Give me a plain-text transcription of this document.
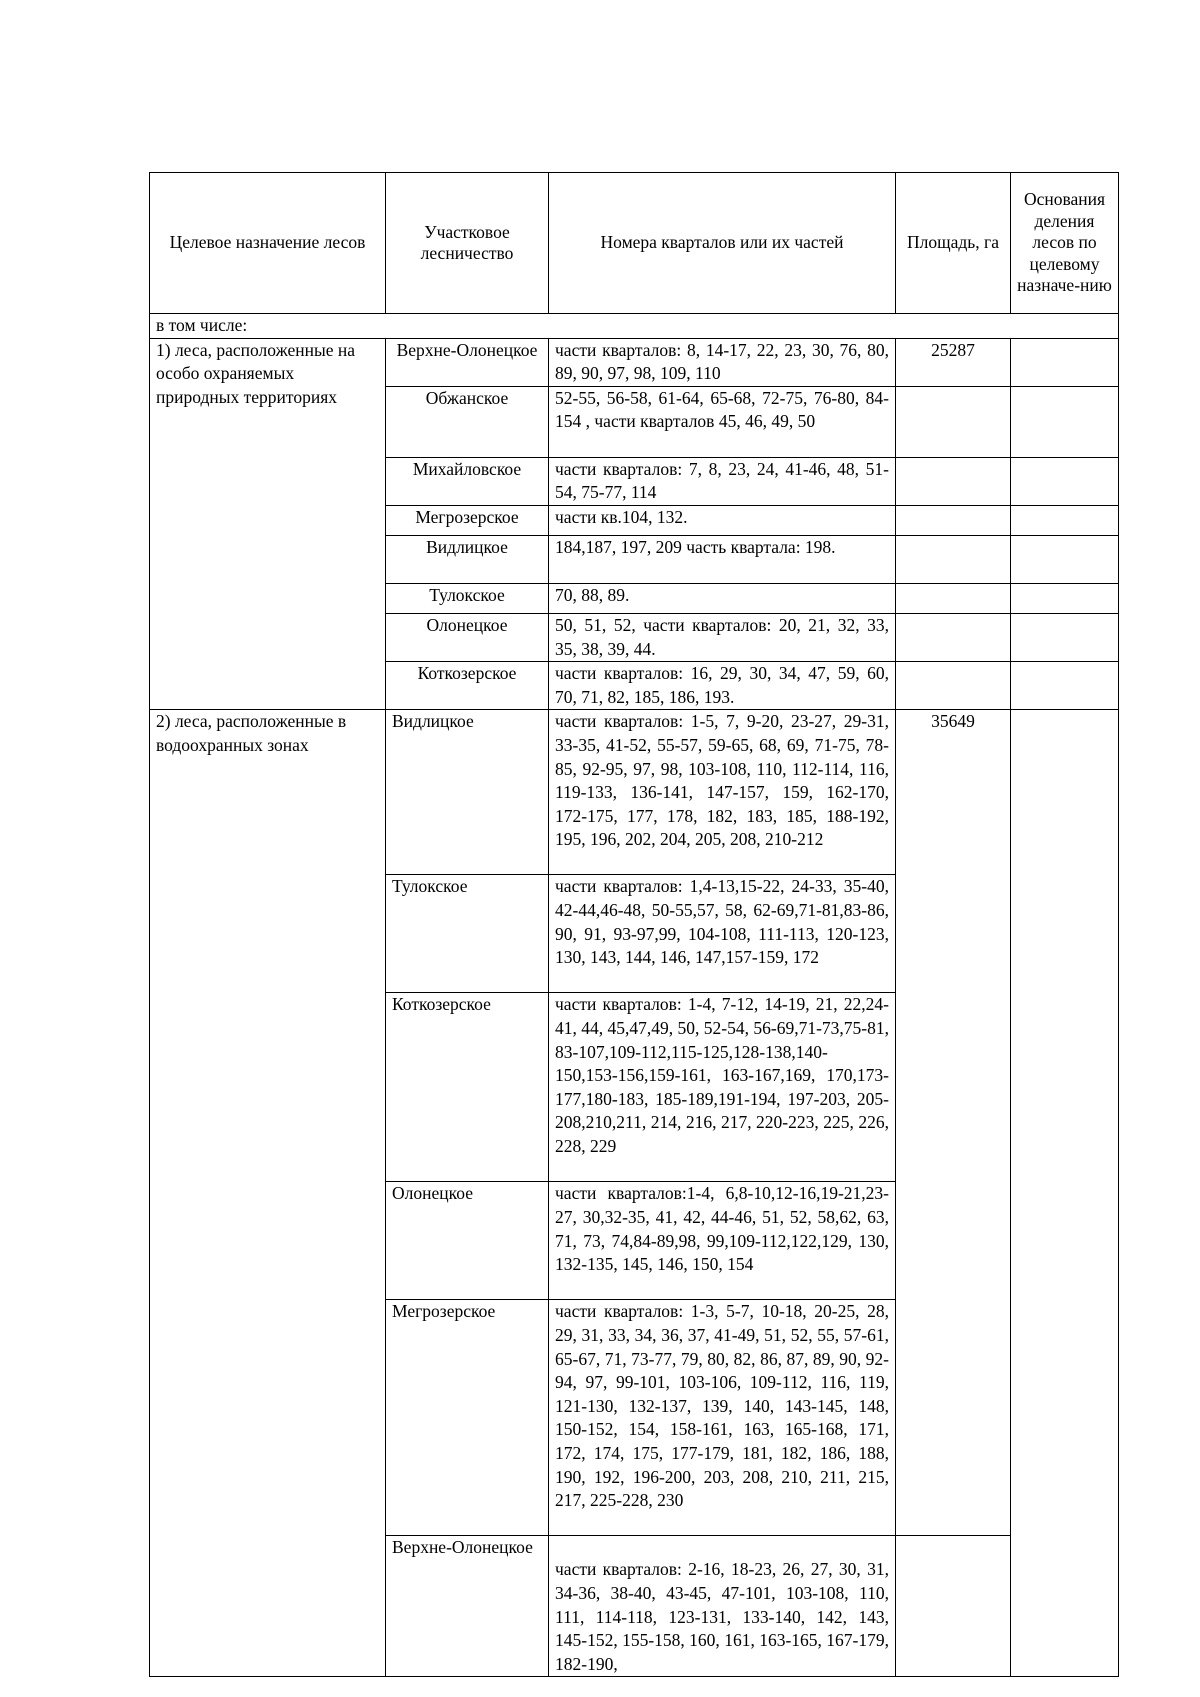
Целевое назначение лесов	Участковое лесничество	Номера кварталов или их частей	Площадь, га	Основания деления лесов по целевому назначе-нию
в том числе:				
1) леса, расположенные на особо охраняемых природных территориях	Верхне-Олонецкое	части кварталов: 8, 14-17, 22, 23, 30, 76, 80, 89, 90, 97, 98, 109, 110	25287	
	Обжанское	52-55, 56-58, 61-64, 65-68, 72-75, 76-80, 84-154 , части кварталов 45, 46, 49, 50		
	Михайловское	части кварталов: 7, 8, 23, 24, 41-46, 48, 51-54, 75-77, 114		
	Мегрозерское	части кв.104, 132.		
	Видлицкое	184,187, 197, 209 часть квартала: 198.		
	Тулокское	70, 88, 89.		
	Олонецкое	50, 51, 52, части кварталов: 20, 21, 32, 33, 35, 38, 39, 44.		
	Коткозерское	части кварталов: 16, 29, 30, 34, 47, 59, 60, 70, 71, 82, 185, 186, 193.		
2) леса, расположенные в водоохранных зонах	Видлицкое	части кварталов: 1-5, 7, 9-20, 23-27, 29-31, 33-35, 41-52, 55-57, 59-65, 68, 69, 71-75, 78-85, 92-95, 97, 98, 103-108, 110, 112-114, 116, 119-133, 136-141, 147-157, 159, 162-170, 172-175, 177, 178, 182, 183, 185, 188-192, 195, 196, 202, 204, 205, 208, 210-212	35649	
	Тулокское	части кварталов: 1,4-13,15-22, 24-33, 35-40, 42-44,46-48, 50-55,57, 58, 62-69,71-81,83-86, 90, 91, 93-97,99, 104-108, 111-113, 120-123, 130, 143, 144, 146, 147,157-159, 172		
	Коткозерское	части кварталов: 1-4, 7-12, 14-19, 21, 22,24-41, 44, 45,47,49, 50, 52-54, 56-69,71-73,75-81, 83-107,109-112,115-125,128-138,140-150,153-156,159-161, 163-167,169, 170,173-177,180-183, 185-189,191-194, 197-203, 205-208,210,211, 214, 216, 217, 220-223, 225, 226, 228, 229		
	Олонецкое	части кварталов:1-4, 6,8-10,12-16,19-21,23-27, 30,32-35, 41, 42, 44-46, 51, 52, 58,62, 63, 71, 73, 74,84-89,98, 99,109-112,122,129, 130, 132-135, 145, 146, 150, 154		
	Мегрозерское	части кварталов: 1-3, 5-7, 10-18, 20-25, 28, 29, 31, 33, 34, 36, 37, 41-49, 51, 52, 55, 57-61, 65-67, 71, 73-77, 79, 80, 82, 86, 87, 89, 90, 92-94, 97, 99-101, 103-106, 109-112, 116, 119, 121-130, 132-137, 139, 140, 143-145, 148, 150-152, 154, 158-161, 163, 165-168, 171, 172, 174, 175, 177-179, 181, 182, 186, 188, 190, 192, 196-200, 203, 208, 210, 211, 215, 217, 225-228, 230		
	Верхне-Олонецкое	части кварталов: 2-16, 18-23, 26, 27, 30, 31, 34-36, 38-40, 43-45, 47-101, 103-108, 110, 111, 114-118, 123-131, 133-140, 142, 143, 145-152, 155-158, 160, 161, 163-165, 167-179, 182-190,		
